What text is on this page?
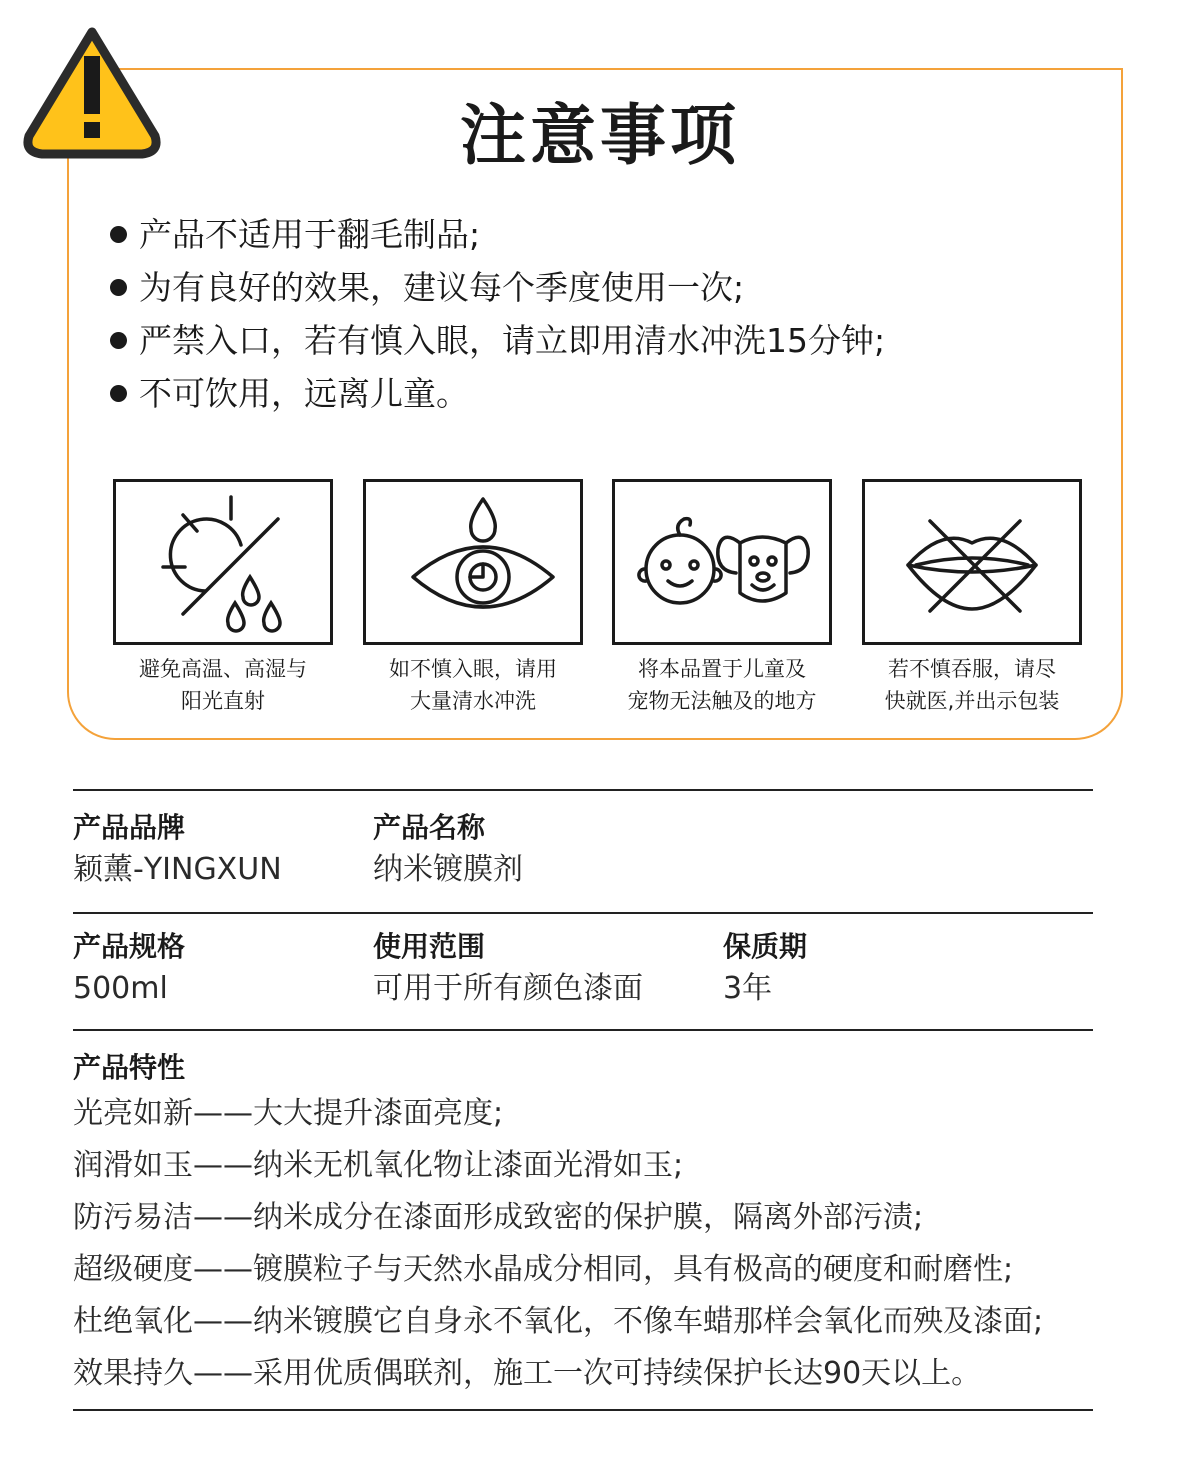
注意事项
产品不适用于翻毛制品;
为有良好的效果，建议每个季度使用一次;
严禁入口，若有慎入眼，请立即用清水冲洗15分钟;
不可饮用，远离儿童。
避免高温、高湿与
阳光直射
如不慎入眼，请用
大量清水冲洗
将本品置于儿童及
宠物无法触及的地方
若不慎吞服，请尽
快就医,并出示包装
产品品牌
颖薰-YINGXUN
产品名称
纳米镀膜剂
产品规格
500ml
使用范围
可用于所有颜色漆面
保质期
3年
产品特性
光亮如新——大大提升漆面亮度;
润滑如玉——纳米无机氧化物让漆面光滑如玉;
防污易洁——纳米成分在漆面形成致密的保护膜，隔离外部污渍;
超级硬度——镀膜粒子与天然水晶成分相同，具有极高的硬度和耐磨性;
杜绝氧化——纳米镀膜它自身永不氧化，不像车蜡那样会氧化而殃及漆面;
效果持久——采用优质偶联剂，施工一次可持续保护长达90天以上。
